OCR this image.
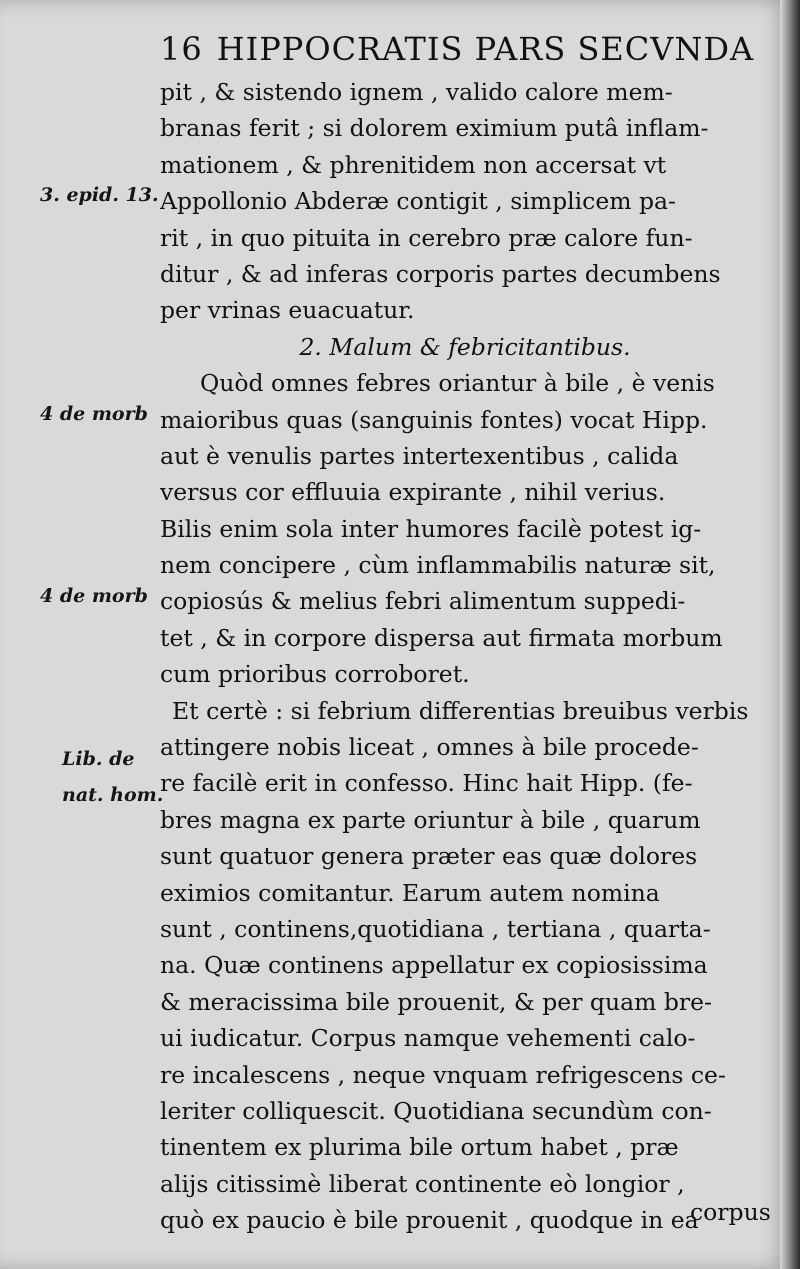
16 HIPPOCRATIS PARS SECVNDA
pit , & sistendo ignem , valido calore mem-
branas ferit ; si dolorem eximium putâ inflam-
mationem , & phrenitidem non accersat vt
Appollonio Abderæ contigit , simplicem pa-
rit , in quo pituita in cerebro præ calore fun-
ditur , & ad inferas corporis partes decumbens
per vrinas euacuatur.
2. Malum & febricitantibus.
Quòd omnes febres oriantur à bile , è venis
maioribus quas (sanguinis fontes) vocat Hipp.
aut è venulis partes intertexentibus , calida
versus cor effluuia expirante , nihil verius.
Bilis enim sola inter humores facilè potest ig-
nem concipere , cùm inflammabilis naturæ sit,
copiosús & melius febri alimentum suppedi-
tet , & in corpore dispersa aut firmata morbum
cum prioribus corroboret.
Et certè : si febrium differentias breuibus verbis
attingere nobis liceat , omnes à bile procede-
re facilè erit in confesso. Hinc hait Hipp. (fe-
bres magna ex parte oriuntur à bile , quarum
sunt quatuor genera præter eas quæ dolores
eximios comitantur. Earum autem nomina
sunt , continens,quotidiana , tertiana , quarta-
na. Quæ continens appellatur ex copiosissima
& meracissima bile prouenit, & per quam bre-
ui iudicatur. Corpus namque vehementi calo-
re incalescens , neque vnquam refrigescens ce-
leriter colliquescit. Quotidiana secundùm con-
tinentem ex plurima bile ortum habet , præ
alijs citissimè liberat continente eò longior ,
quò ex paucio è bile prouenit , quodque in ea
3. epid. 13.
4 de morb
4 de morb
Lib. de
nat. hom.
corpus
